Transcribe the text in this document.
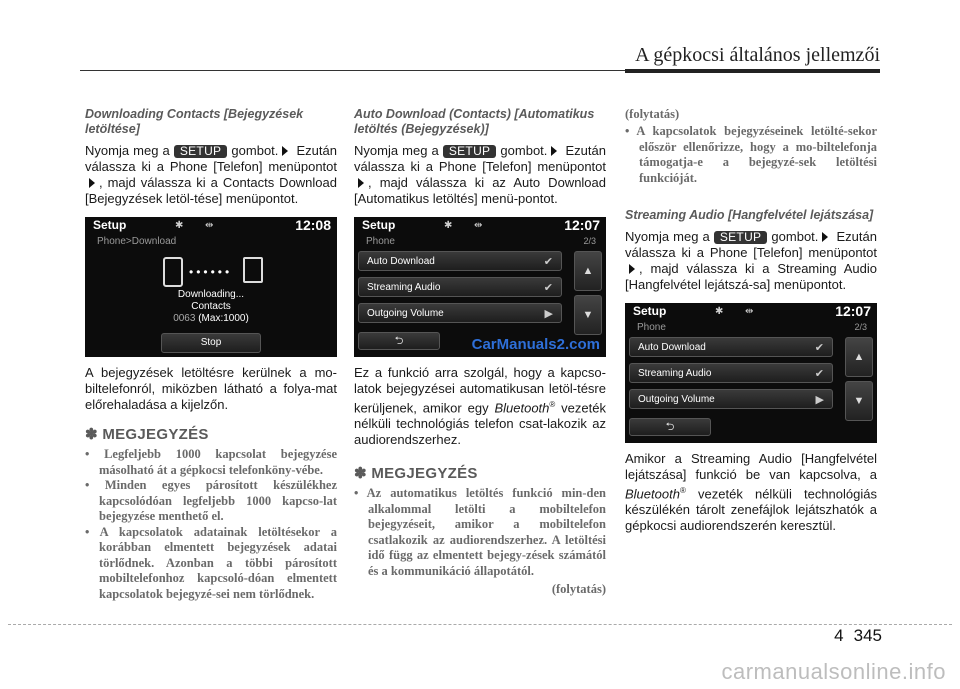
A gépkocsi általános jellemzői

Downloading Contacts [Bejegyzések letöltése]

Nyomja meg a SETUP gombot. Ezután válassza ki a Phone [Telefon] menüpontot, majd válassza ki a Contacts Download [Bejegyzések letöl-tése] menüpontot.

Setup	✱ ⇹	12:08
Phone>Download
••••••
Downloading...
Contacts
0063 (Max:1000)
Stop

A bejegyzések letöltésre kerülnek a mo-biltelefonról, miközben látható a folya-mat előrehaladása a kijelzőn.

✽ MEGJEGYZÉS

• Legfeljebb 1000 kapcsolat bejegyzése másolható át a gépkocsi telefonköny-vébe.

• Minden egyes párosított készülékhez kapcsolódóan legfeljebb 1000 kapcso-lat bejegyzése menthető el.

• A kapcsolatok adatainak letöltésekor a korábban elmentett bejegyzések adatai törlődnek. Azonban a többi párosított mobiltelefonhoz kapcsoló-dóan elmentett kapcsolatok bejegyzé-sei nem törlődnek.

Auto Download (Contacts) [Automatikus letöltés (Bejegyzések)]

Nyomja meg a SETUP gombot. Ezután válassza ki a Phone [Telefon] menüpontot, majd válassza ki az Auto Download [Automatikus letöltés] menü-pontot.

Setup	✱ ⇹	12:07
Phone	2/3
Auto Download	✔
Streaming Audio	✔
Outgoing Volume	▶
▲
▼
⮌	CarManuals2.com

Ez a funkció arra szolgál, hogy a kapcso-latok bejegyzései automatikusan letöl-tésre kerüljenek, amikor egy Bluetooth® vezeték nélküli technológiás telefon csat-lakozik az audiorendszerhez.

✽ MEGJEGYZÉS

• Az automatikus letöltés funkció min-den alkalommal letölti a mobiltelefon bejegyzéseit, amikor a mobiltelefon csatlakozik az audiorendszerhez. A letöltési idő függ az elmentett bejegy-zések számától és a kommunikáció állapotától.

(folytatás)

(folytatás)

• A kapcsolatok bejegyzéseinek letölté-sekor először ellenőrizze, hogy a mo-biltelefonja támogatja-e a bejegyzé-sek letöltési funkcióját.

Streaming Audio [Hangfelvétel lejátszása]

Nyomja meg a SETUP gombot. Ezután válassza ki a Phone [Telefon] menüpontot, majd válassza ki a Streaming Audio [Hangfelvétel lejátszá-sa] menüpontot.

Setup	✱ ⇹	12:07
Phone	2/3
Auto Download	✔
Streaming Audio	✔
Outgoing Volume	▶
▲
▼
⮌

Amikor a Streaming Audio [Hangfelvétel lejátszása] funkció be van kapcsolva, a Bluetooth® vezeték nélküli technológiás készülékén tárolt zenefájlok lejátszhatók a gépkocsi audiorendszerén keresztül.

4 345
carmanualsonline.info
